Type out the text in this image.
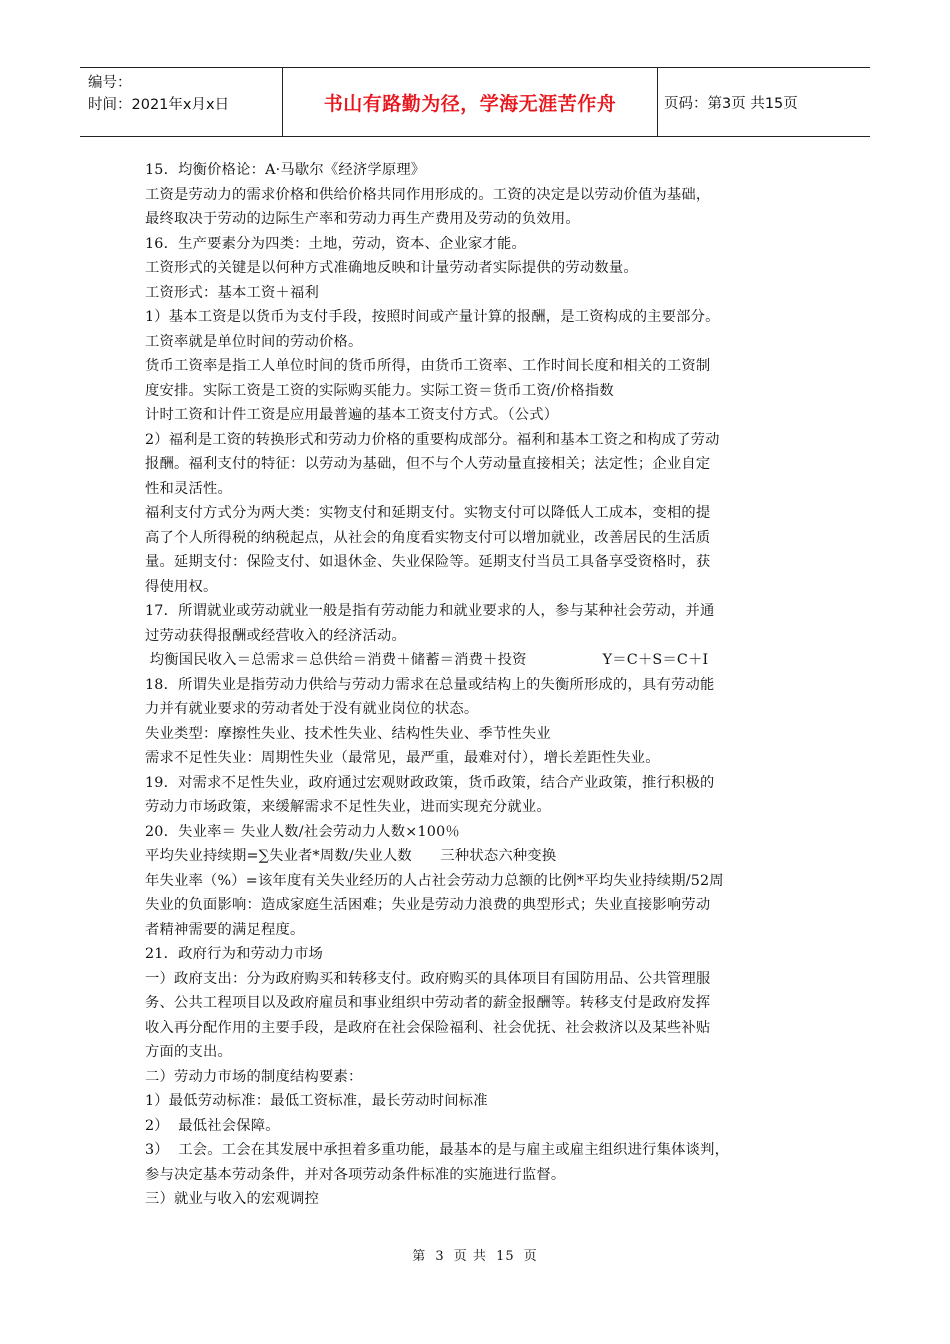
编号：
时间：2021年x月x日	书山有路勤为径，学海无涯苦作舟	页码：第3页 共15页

15．均衡价格论：A·马歇尔《经济学原理》

工资是劳动力的需求价格和供给价格共同作用形成的。工资的决定是以劳动价值为基础，

最终取决于劳动的边际生产率和劳动力再生产费用及劳动的负效用。

16．生产要素分为四类：土地，劳动，资本、企业家才能。

工资形式的关键是以何种方式准确地反映和计量劳动者实际提供的劳动数量。

工资形式：基本工资＋福利

1）基本工资是以货币为支付手段，按照时间或产量计算的报酬，是工资构成的主要部分。

工资率就是单位时间的劳动价格。

货币工资率是指工人单位时间的货币所得，由货币工资率、工作时间长度和相关的工资制

度安排。实际工资是工资的实际购买能力。实际工资＝货币工资/价格指数

计时工资和计件工资是应用最普遍的基本工资支付方式。（公式）

2）福利是工资的转换形式和劳动力价格的重要构成部分。福利和基本工资之和构成了劳动

报酬。福利支付的特征：以劳动为基础，但不与个人劳动量直接相关；法定性；企业自定

性和灵活性。

福利支付方式分为两大类：实物支付和延期支付。实物支付可以降低人工成本，变相的提

高了个人所得税的纳税起点，从社会的角度看实物支付可以增加就业，改善居民的生活质

量。延期支付：保险支付、如退休金、失业保险等。延期支付当员工具备享受资格时，获

得使用权。

17．所谓就业或劳动就业一般是指有劳动能力和就业要求的人，参与某种社会劳动，并通

过劳动获得报酬或经营收入的经济活动。

均衡国民收入＝总需求＝总供给＝消费＋储蓄＝消费＋投资                Y＝C＋S＝C＋I

18．所谓失业是指劳动力供给与劳动力需求在总量或结构上的失衡所形成的，具有劳动能

力并有就业要求的劳动者处于没有就业岗位的状态。

失业类型：摩擦性失业、技术性失业、结构性失业、季节性失业

需求不足性失业：周期性失业（最常见，最严重，最难对付），增长差距性失业。

19．对需求不足性失业，政府通过宏观财政政策，货币政策，结合产业政策，推行积极的

劳动力市场政策，来缓解需求不足性失业，进而实现充分就业。

20．失业率＝ 失业人数/社会劳动力人数×100％

平均失业持续期=∑失业者*周数/失业人数      三种状态六种变换

年失业率（%）=该年度有关失业经历的人占社会劳动力总额的比例*平均失业持续期/52周

失业的负面影响：造成家庭生活困难；失业是劳动力浪费的典型形式；失业直接影响劳动

者精神需要的满足程度。

21．政府行为和劳动力市场

一）政府支出：分为政府购买和转移支付。政府购买的具体项目有国防用品、公共管理服

务、公共工程项目以及政府雇员和事业组织中劳动者的薪金报酬等。转移支付是政府发挥

收入再分配作用的主要手段，是政府在社会保险福利、社会优抚、社会救济以及某些补贴

方面的支出。

二）劳动力市场的制度结构要素：

1）最低劳动标准：最低工资标准，最长劳动时间标准

2）  最低社会保障。

3）  工会。工会在其发展中承担着多重功能，最基本的是与雇主或雇主组织进行集体谈判，

参与决定基本劳动条件，并对各项劳动条件标准的实施进行监督。

三）就业与收入的宏观调控

第 3 页 共 15 页
